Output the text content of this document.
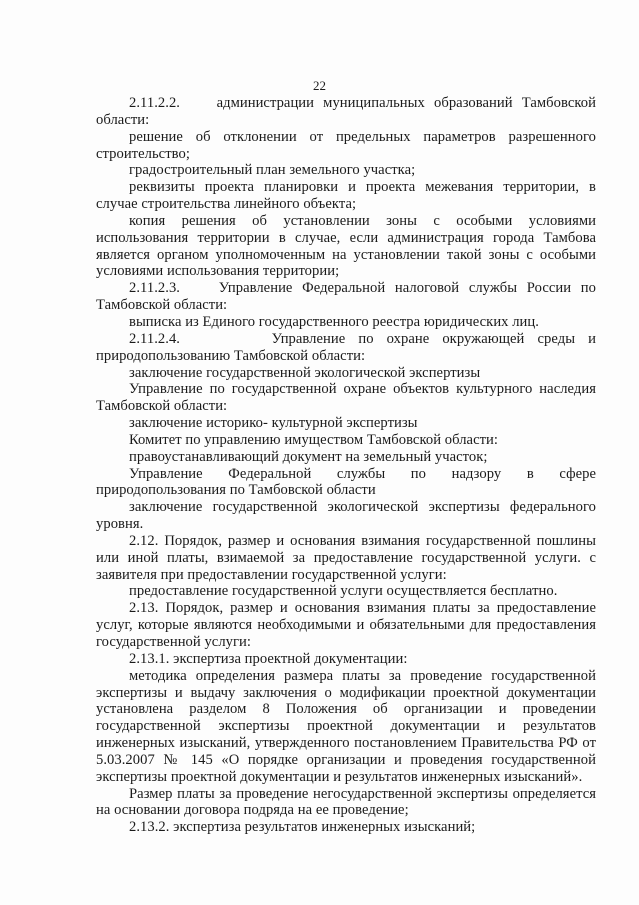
22

2.11.2.2.    администрации муниципальных образований Тамбовской области:

решение об отклонении от предельных параметров разрешенного строительство;

градостроительный план земельного участка;

реквизиты проекта планировки и проекта межевания территории, в случае строительства линейного объекта;

копия решения об установлении зоны с особыми условиями использования территории в случае, если администрация города Тамбова является органом уполномоченным на установлении такой зоны с особыми условиями использования территории;

2.11.2.3.    Управление Федеральной налоговой службы России по Тамбовской области:

выписка из Единого государственного реестра юридических лиц.

2.11.2.4.       Управление по охране окружающей среды и природопользованию Тамбовской области:

заключение государственной экологической экспертизы

Управление по государственной охране объектов культурного наследия Тамбовской области:

заключение историко- культурной экспертизы

Комитет по управлению имуществом Тамбовской области:

правоустанавливающий документ на земельный участок;

Управление     Федеральной     службы     по     надзору     в     сфере природопользования по Тамбовской области

заключение государственной экологической экспертизы федерального уровня.

2.12. Порядок, размер и основания взимания государственной пошлины или иной платы, взимаемой за предоставление государственной услуги. с заявителя при предоставлении государственной услуги:

предоставление государственной услуги осуществляется бесплатно.

2.13. Порядок, размер и основания взимания платы за предоставление услуг, которые являются необходимыми и обязательными для предоставления государственной услуги:

2.13.1. экспертиза проектной документации:

методика определения размера платы за проведение государственной экспертизы и выдачу заключения о модификации проектной документации установлена разделом 8 Положения об организации и проведении государственной экспертизы проектной документации и результатов инженерных изысканий, утвержденного постановлением Правительства РФ от 5.03.2007 № 145 «О порядке организации и проведения государственной экспертизы проектной документации и результатов инженерных изысканий».

Размер платы за проведение негосударственной экспертизы определяется на основании договора подряда на ее проведение;

2.13.2. экспертиза результатов инженерных изысканий;
